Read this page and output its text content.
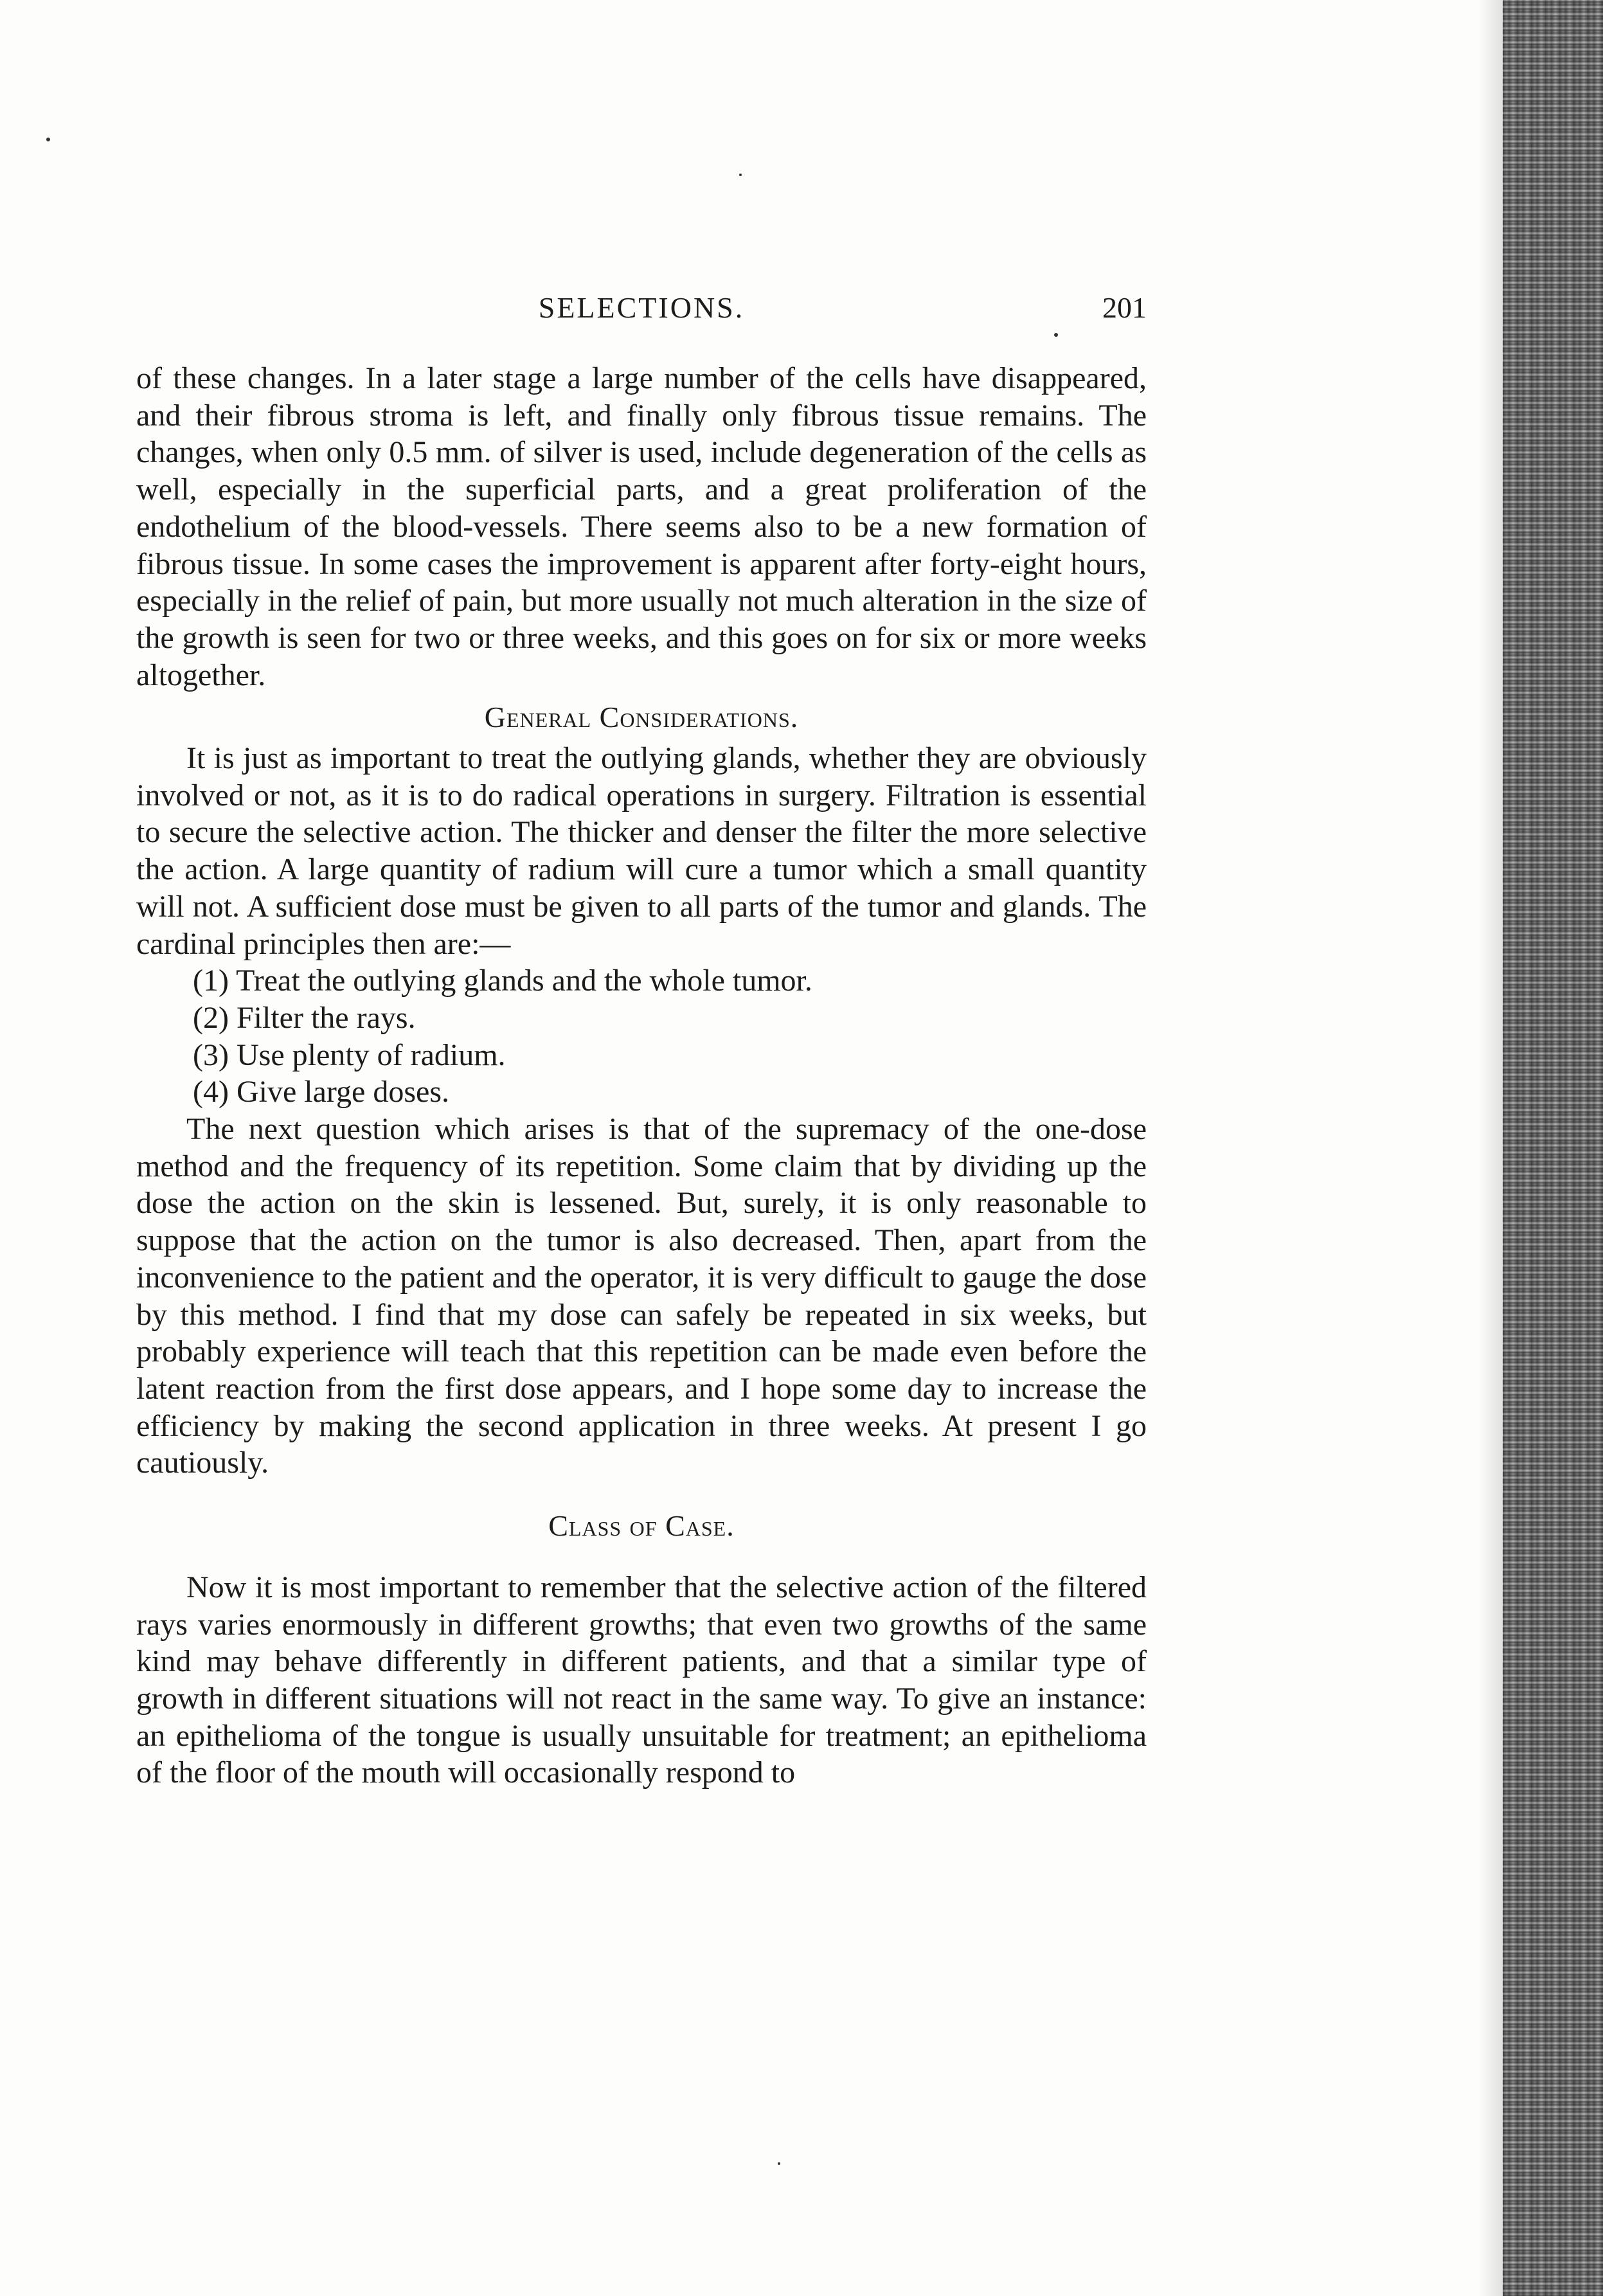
SELECTIONS.	201

of these changes. In a later stage a large number of the cells have disappeared, and their fibrous stroma is left, and finally only fibrous tissue remains. The changes, when only 0.5 mm. of silver is used, include degeneration of the cells as well, especially in the superficial parts, and a great proliferation of the endothelium of the blood-vessels. There seems also to be a new formation of fibrous tissue. In some cases the improvement is apparent after forty-eight hours, especially in the relief of pain, but more usually not much alteration in the size of the growth is seen for two or three weeks, and this goes on for six or more weeks altogether.

General Considerations.

It is just as important to treat the outlying glands, whether they are obviously involved or not, as it is to do radical operations in surgery. Filtration is essential to secure the selective action. The thicker and denser the filter the more selective the action. A large quantity of radium will cure a tumor which a small quantity will not. A sufficient dose must be given to all parts of the tumor and glands. The cardinal principles then are:—

(1) Treat the outlying glands and the whole tumor.
(2) Filter the rays.
(3) Use plenty of radium.
(4) Give large doses.

The next question which arises is that of the supremacy of the one-dose method and the frequency of its repetition. Some claim that by dividing up the dose the action on the skin is lessened. But, surely, it is only reasonable to suppose that the action on the tumor is also decreased. Then, apart from the inconvenience to the patient and the operator, it is very difficult to gauge the dose by this method. I find that my dose can safely be repeated in six weeks, but probably experience will teach that this repetition can be made even before the latent reaction from the first dose appears, and I hope some day to increase the efficiency by making the second application in three weeks. At present I go cautiously.

Class of Case.

Now it is most important to remember that the selective action of the filtered rays varies enormously in different growths; that even two growths of the same kind may behave differently in different patients, and that a similar type of growth in different situations will not react in the same way. To give an instance: an epithelioma of the tongue is usually unsuitable for treatment; an epithelioma of the floor of the mouth will occasionally respond to
